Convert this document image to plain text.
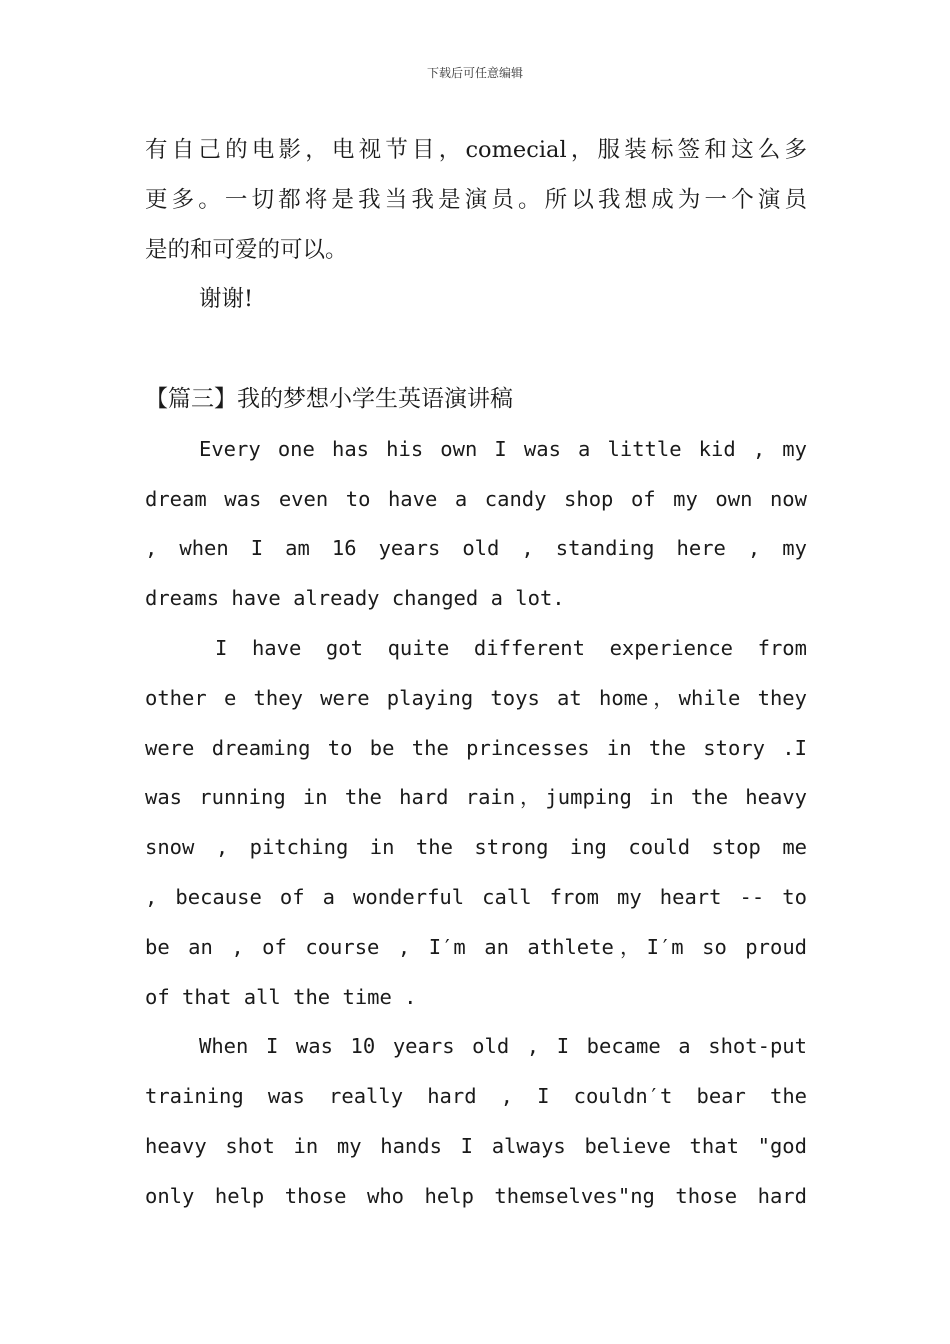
下载后可任意编辑
有自己的电影，电视节目，comecial，服装标签和这么多
更多。一切都将是我当我是演员。所以我想成为一个演员
是的和可爱的可以。
谢谢!
【篇三】我的梦想小学生英语演讲稿
Every one has his own I was a little kid , my
dream was even to have a candy shop of my own now
, when I am 16 years old , standing here , my
dreams have already changed a lot.
I have got quite different experience from
other e they were playing toys at home，while they
were dreaming to be the princesses in the story .I
was running in the hard rain，jumping in the heavy
snow , pitching in the strong ing could stop me
, because of a wonderful call from my heart -- to
be an , of course , I′m an athlete，I′m so proud
of that all the time .
When I was 10 years old , I became a shot-put
training was really hard , I couldn′t bear the
heavy shot in my hands I always believe that "god
only help those who help themselves"ng those hard
